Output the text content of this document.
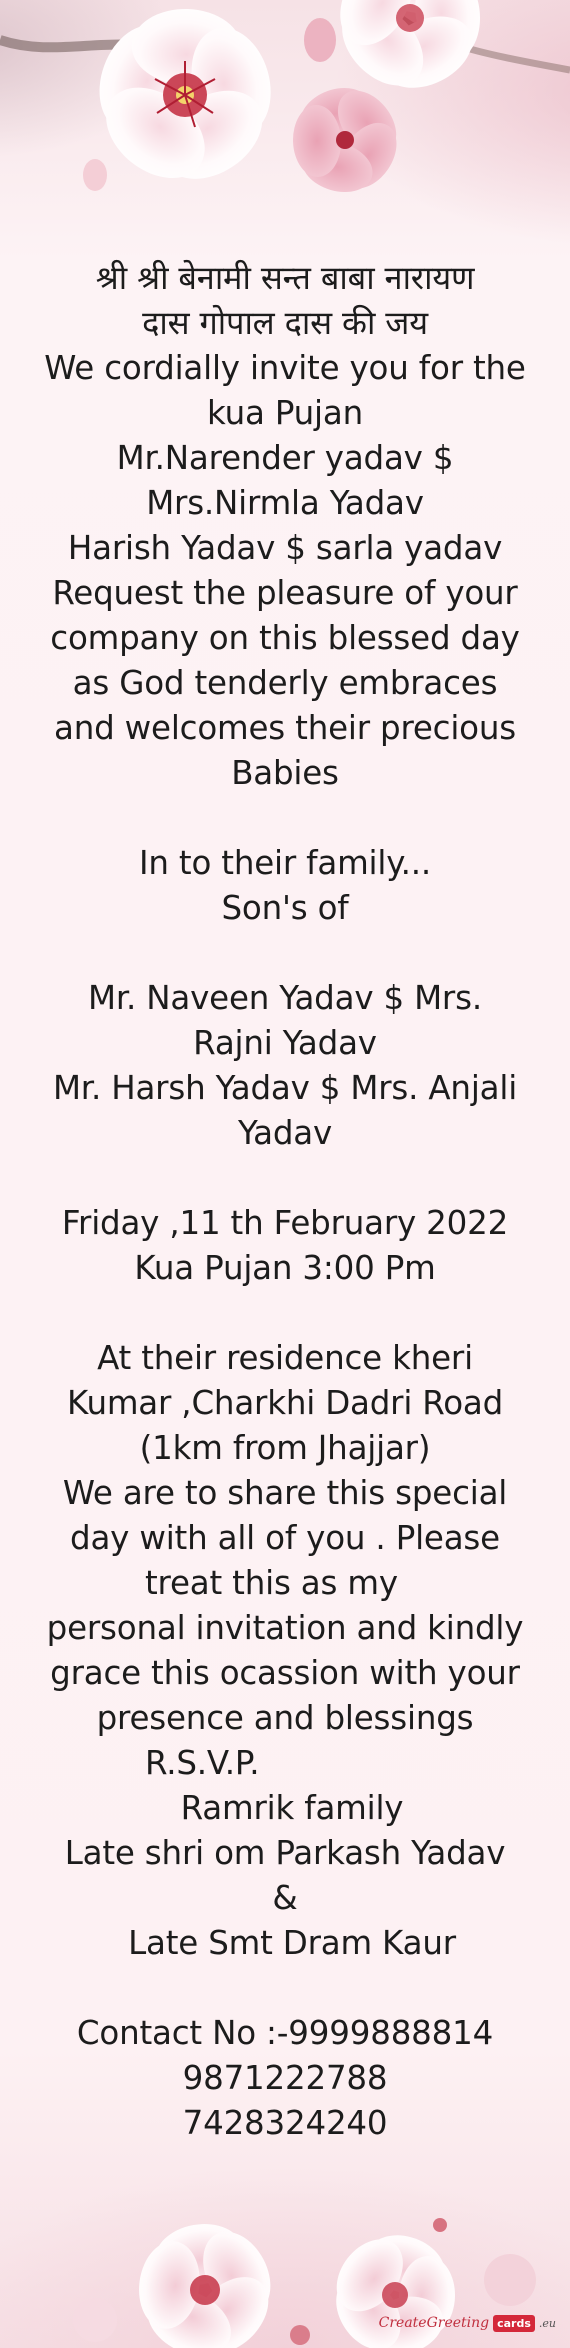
श्री श्री बेनामी सन्त बाबा नारायण
दास गोपाल दास की जय
We cordially invite you for the
kua Pujan
Mr.Narender yadav $
Mrs.Nirmla Yadav
Harish Yadav $ sarla yadav
Request the pleasure of your
company on this blessed day
as God tenderly embraces
and welcomes their precious
Babies
In to their family...
Son's of
Mr. Naveen Yadav $ Mrs.
Rajni Yadav
Mr. Harsh Yadav $ Mrs. Anjali
Yadav
Friday ,11 th February 2022
Kua Pujan 3:00 Pm
At their residence kheri
Kumar ,Charkhi Dadri Road
(1km from Jhajjar)
We are to share this special
day with all of you . Please
treat this as my
personal invitation and kindly
grace this ocassion with your
presence and blessings
R.S.V.P.
Ramrik family
Late shri om Parkash Yadav
&
Late Smt Dram Kaur
Contact No :-9999888814
9871222788
7428324240
CreateGreeting cards .eu
